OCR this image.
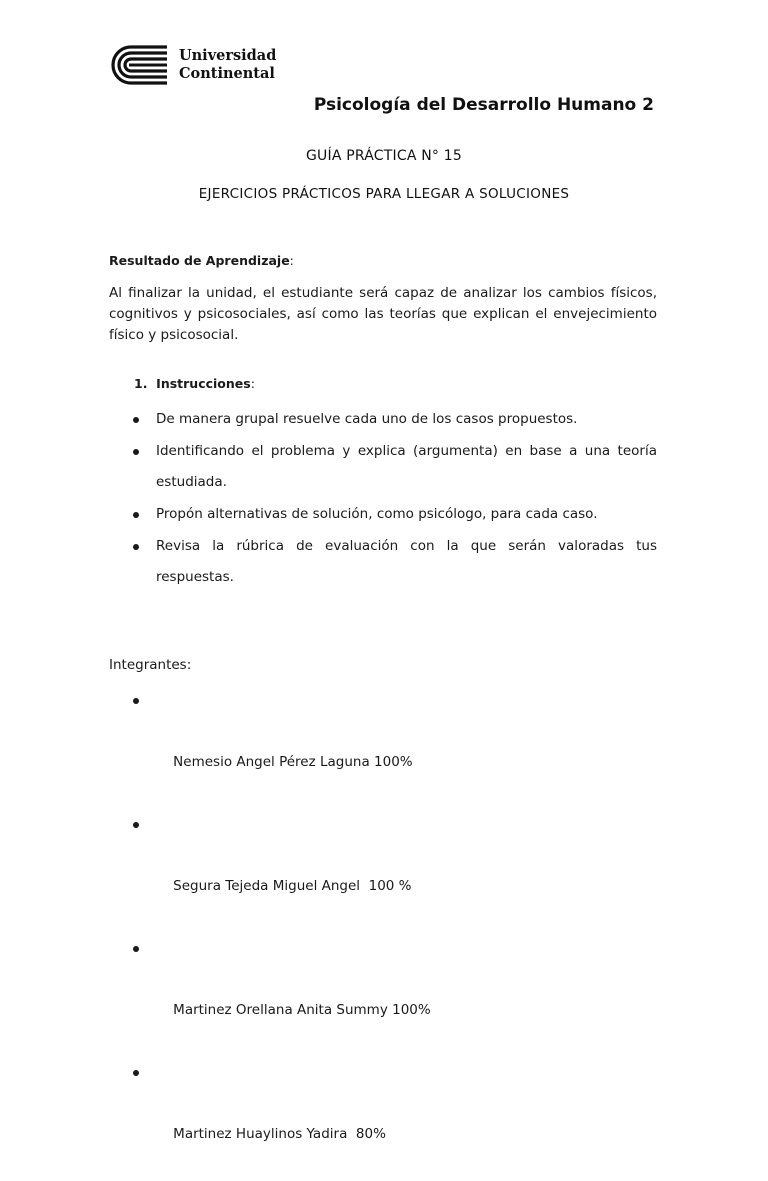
Universidad
Continental
Psicología del Desarrollo Humano 2
GUÍA PRÁCTICA N° 15
EJERCICIOS PRÁCTICOS PARA LLEGAR A SOLUCIONES
Resultado de Aprendizaje:
Al finalizar la unidad, el estudiante será capaz de analizar los cambios físicos, cognitivos y psicosociales, así como las teorías que explican el envejecimiento físico y psicosocial.
1. Instrucciones:
De manera grupal resuelve cada uno de los casos propuestos.
Identificando el problema y explica (argumenta) en base a una teoría estudiada.
Propón alternativas de solución, como psicólogo, para cada caso.
Revisa la rúbrica de evaluación con la que serán valoradas tus respuestas.
Integrantes:

Nemesio Angel Pérez Laguna 100%

Segura Tejeda Miguel Angel  100 %

Martinez Orellana Anita Summy 100%

Martinez Huaylinos Yadira  80%
